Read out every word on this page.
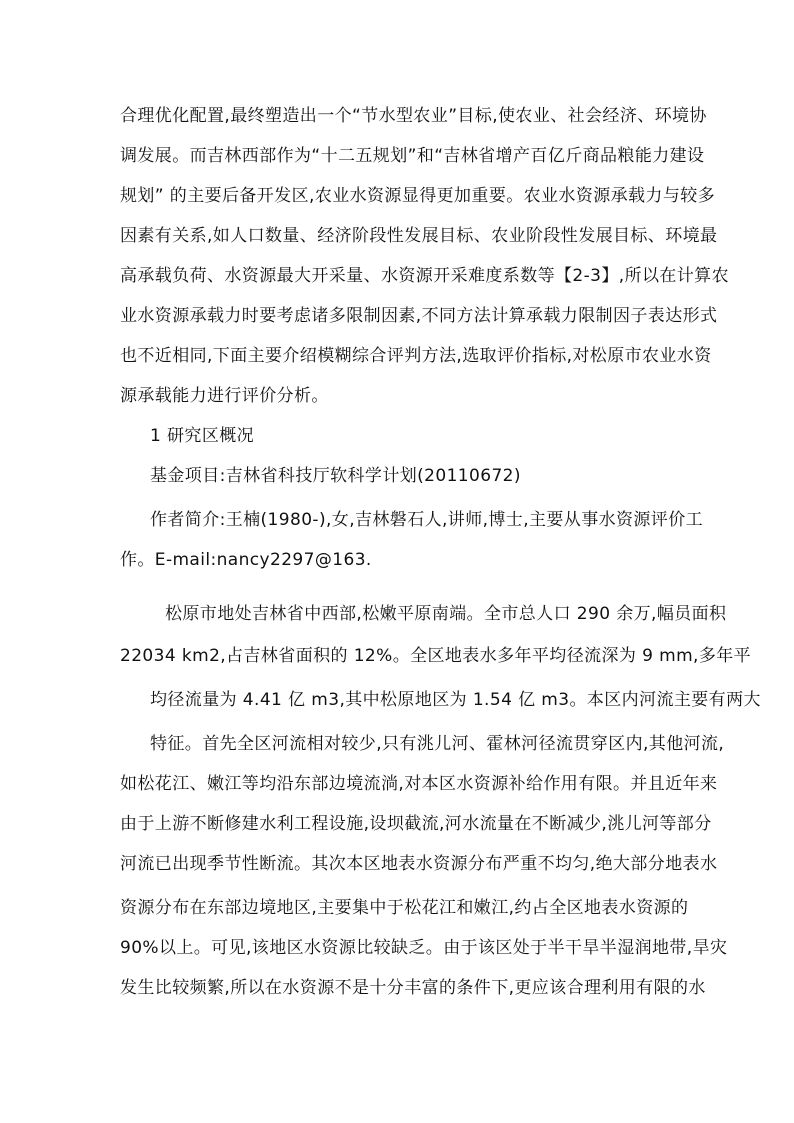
合理优化配置,最终塑造出一个“节水型农业”目标,使农业、社会经济、环境协
调发展。而吉林西部作为“十二五规划”和“吉林省增产百亿斤商品粮能力建设
规划” 的主要后备开发区,农业水资源显得更加重要。农业水资源承载力与较多
因素有关系,如人口数量、经济阶段性发展目标、农业阶段性发展目标、环境最
高承载负荷、水资源最大开采量、水资源开采难度系数等【2-3】,所以在计算农
业水资源承载力时要考虑诸多限制因素,不同方法计算承载力限制因子表达形式
也不近相同,下面主要介绍模糊综合评判方法,选取评价指标,对松原市农业水资
源承载能力进行评价分析。
1 研究区概况
基金项目:吉林省科技厅软科学计划(20110672)
作者简介:王楠(1980-),女,吉林磐石人,讲师,博士,主要从事水资源评价工
作。E-mail:nancy2297@163.
松原市地处吉林省中西部,松嫩平原南端。全市总人口 290 余万,幅员面积
22034 km2,占吉林省面积的 12%。全区地表水多年平均径流深为 9 mm,多年平
均径流量为 4.41 亿 m3,其中松原地区为 1.54 亿 m3。本区内河流主要有两大
特征。首先全区河流相对较少,只有洮儿河、霍林河径流贯穿区内,其他河流,
如松花江、嫩江等均沿东部边境流淌,对本区水资源补给作用有限。并且近年来
由于上游不断修建水利工程设施,设坝截流,河水流量在不断减少,洮儿河等部分
河流已出现季节性断流。其次本区地表水资源分布严重不均匀,绝大部分地表水
资源分布在东部边境地区,主要集中于松花江和嫩江,约占全区地表水资源的
90%以上。可见,该地区水资源比较缺乏。由于该区处于半干旱半湿润地带,旱灾
发生比较频繁,所以在水资源不是十分丰富的条件下,更应该合理利用有限的水
